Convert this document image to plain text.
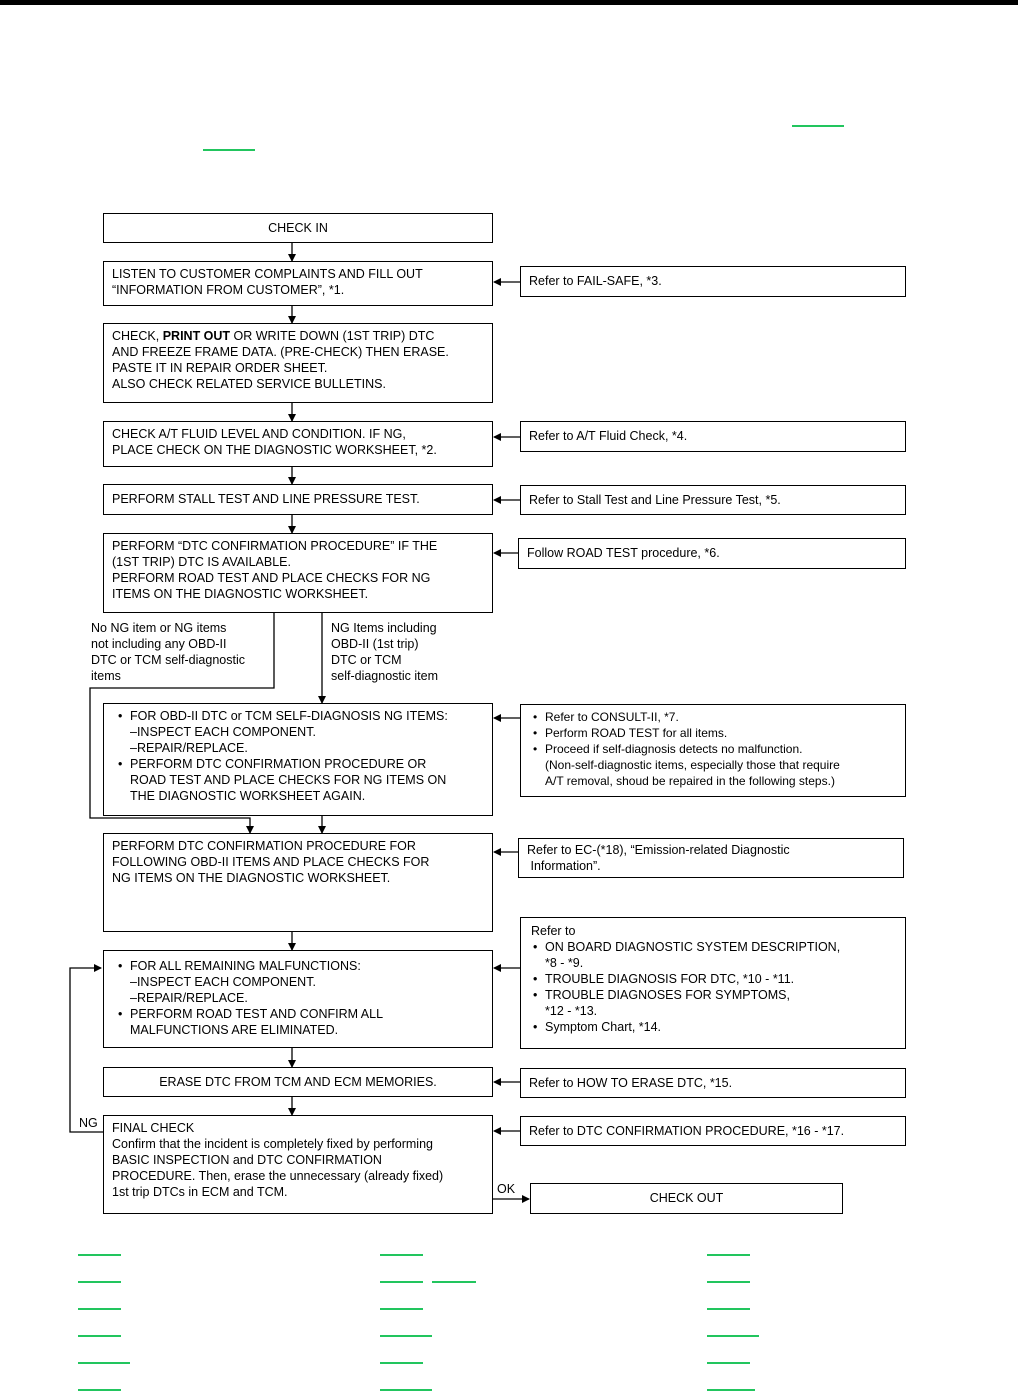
CHECK IN
LISTEN TO CUSTOMER COMPLAINTS AND FILL OUT
“INFORMATION FROM CUSTOMER”, *1.
CHECK, PRINT OUT OR WRITE DOWN (1ST TRIP) DTC
AND FREEZE FRAME DATA. (PRE-CHECK) THEN ERASE.
PASTE IT IN REPAIR ORDER SHEET.
ALSO CHECK RELATED SERVICE BULLETINS.
CHECK A/T FLUID LEVEL AND CONDITION. IF NG,
PLACE CHECK ON THE DIAGNOSTIC WORKSHEET, *2.
PERFORM STALL TEST AND LINE PRESSURE TEST.
PERFORM “DTC CONFIRMATION PROCEDURE” IF THE
(1ST TRIP) DTC IS AVAILABLE.
PERFORM ROAD TEST AND PLACE CHECKS FOR NG
ITEMS ON THE DIAGNOSTIC WORKSHEET.
No NG item or NG items
not including any OBD-II
DTC or TCM self-diagnostic
items
NG Items including
OBD-II (1st trip)
DTC or TCM
self-diagnostic item
• FOR OBD-II DTC or TCM SELF-DIAGNOSIS NG ITEMS:
–INSPECT EACH COMPONENT.
–REPAIR/REPLACE.
• PERFORM DTC CONFIRMATION PROCEDURE OR
ROAD TEST AND PLACE CHECKS FOR NG ITEMS ON
THE DIAGNOSTIC WORKSHEET AGAIN.
PERFORM DTC CONFIRMATION PROCEDURE FOR
FOLLOWING OBD-II ITEMS AND PLACE CHECKS FOR
NG ITEMS ON THE DIAGNOSTIC WORKSHEET.
• FOR ALL REMAINING MALFUNCTIONS:
–INSPECT EACH COMPONENT.
–REPAIR/REPLACE.
• PERFORM ROAD TEST AND CONFIRM ALL
MALFUNCTIONS ARE ELIMINATED.
ERASE DTC FROM TCM AND ECM MEMORIES.
FINAL CHECK
Confirm that the incident is completely fixed by performing
BASIC INSPECTION and DTC CONFIRMATION
PROCEDURE. Then, erase the unnecessary (already fixed)
1st trip DTCs in ECM and TCM.	CHECK OUT
NG
OK
Refer to FAIL-SAFE, *3.
Refer to A/T Fluid Check, *4.
Refer to Stall Test and Line Pressure Test, *5.
Follow ROAD TEST procedure, *6.
• Refer to CONSULT-II, *7.
• Perform ROAD TEST for all items.
• Proceed if self-diagnosis detects no malfunction.
(Non-self-diagnostic items, especially those that require
A/T removal, shoud be repaired in the following steps.)
Refer to EC-(*18), “Emission-related Diagnostic
Information”.
Refer to
• ON BOARD DIAGNOSTIC SYSTEM DESCRIPTION,
*8 - *9.
• TROUBLE DIAGNOSIS FOR DTC, *10 - *11.
• TROUBLE DIAGNOSES FOR SYMPTOMS,
*12 - *13.
• Symptom Chart, *14.
Refer to HOW TO ERASE DTC, *15.
Refer to DTC CONFIRMATION PROCEDURE, *16 - *17.
